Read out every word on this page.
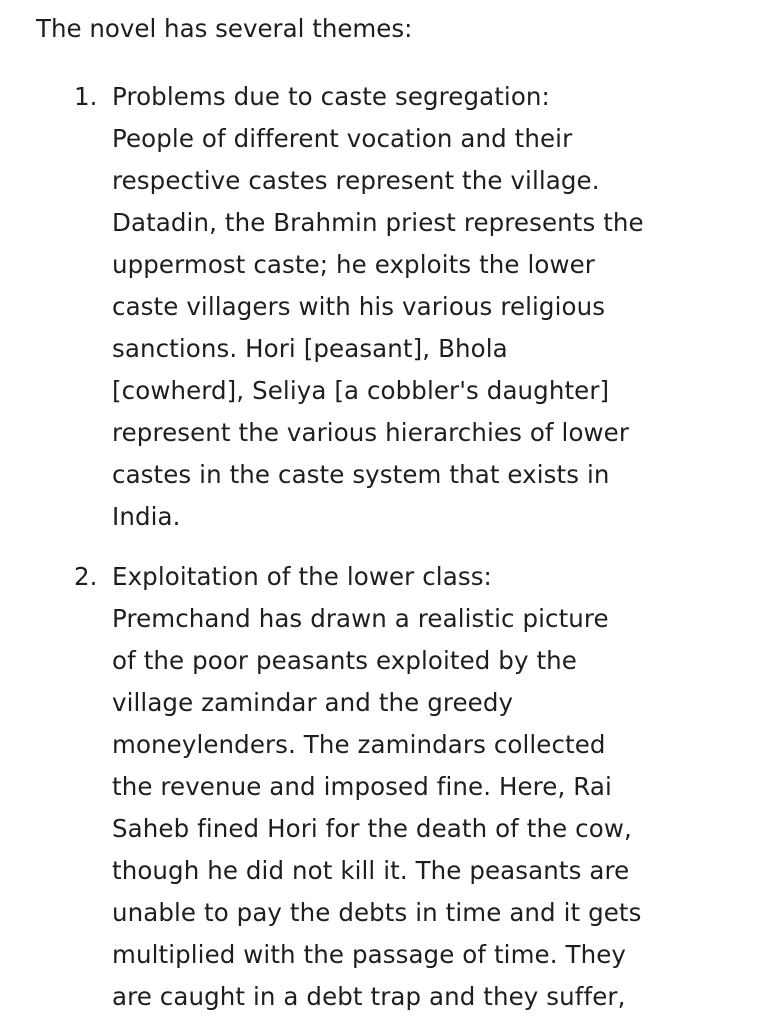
The novel has several themes:

1. Problems due to caste segregation:
People of different vocation and their
respective castes represent the village.
Datadin, the Brahmin priest represents the
uppermost caste; he exploits the lower
caste villagers with his various religious
sanctions. Hori [peasant], Bhola
[cowherd], Seliya [a cobbler's daughter]
represent the various hierarchies of lower
castes in the caste system that exists in
India.
2. Exploitation of the lower class:
Premchand has drawn a realistic picture
of the poor peasants exploited by the
village zamindar and the greedy
moneylenders. The zamindars collected
the revenue and imposed fine. Here, Rai
Saheb fined Hori for the death of the cow,
though he did not kill it. The peasants are
unable to pay the debts in time and it gets
multiplied with the passage of time. They
are caught in a debt trap and they suffer,
